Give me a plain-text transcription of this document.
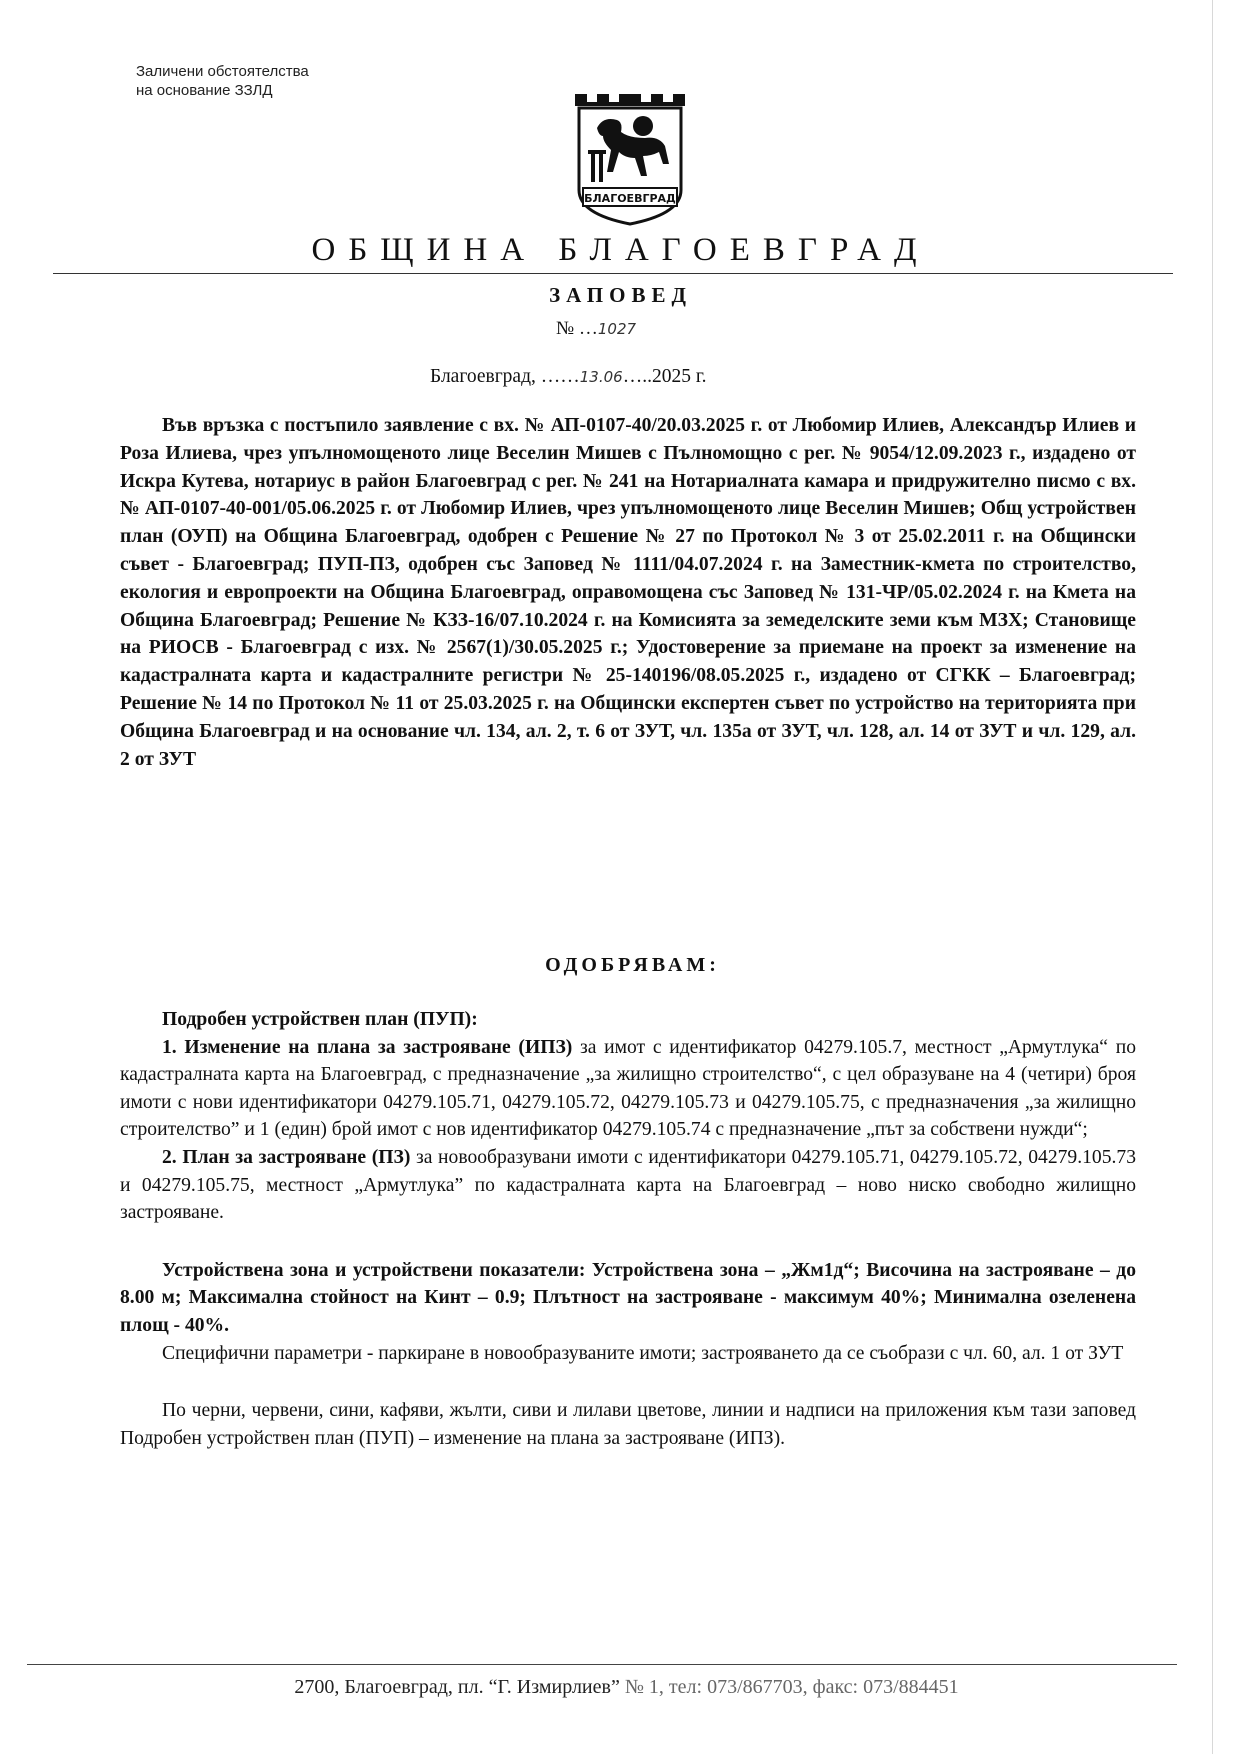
Заличени обстоятелства
на основание ЗЗЛД
БЛАГОЕВГРАД
ОБЩИНА БЛАГОЕВГРАД
ЗАПОВЕД
№ …1027
Благоевград, ……13.06…..2025 г.

Във връзка с постъпило заявление с вх. № АП-0107-40/20.03.2025 г. от Любомир Илиев, Александър Илиев и Роза Илиева, чрез упълномощеното лице Веселин Мишев с Пълномощно с рег. № 9054/12.09.2023 г., издадено от Искра Кутева, нотариус в район Благоевград с рег. № 241 на Нотариалната камара и придружително писмо с вх. № АП-0107-40-001/05.06.2025 г. от Любомир Илиев, чрез упълномощеното лице Веселин Мишев; Общ устройствен план (ОУП) на Община Благоевград, одобрен с Решение № 27 по Протокол № 3 от 25.02.2011 г. на Общински съвет - Благоевград; ПУП-ПЗ, одобрен със Заповед № 1111/04.07.2024 г. на Заместник-кмета по строителство, екология и европроекти на Община Благоевград, оправомощена със Заповед № 131-ЧР/05.02.2024 г. на Кмета на Община Благоевград; Решение № КЗЗ-16/07.10.2024 г. на Комисията за земеделските земи към МЗХ; Становище на РИОСВ - Благоевград с изх. № 2567(1)/30.05.2025 г.; Удостоверение за приемане на проект за изменение на кадастралната карта и кадастралните регистри № 25-140196/08.05.2025 г., издадено от СГКК – Благоевград; Решение № 14 по Протокол № 11 от 25.03.2025 г. на Общински експертен съвет по устройство на територията при Община Благоевград и на основание чл. 134, ал. 2, т. 6 от ЗУТ, чл. 135а от ЗУТ, чл. 128, ал. 14 от ЗУТ и чл. 129, ал. 2 от ЗУТ

ОДОБРЯВАМ:

Подробен устройствен план (ПУП):

1. Изменение на плана за застрояване (ИПЗ) за имот с идентификатор 04279.105.7, местност „Армутлука“ по кадастралната карта на Благоевград, с предназначение „за жилищно строителство“, с цел образуване на 4 (четири) броя имоти с нови идентификатори 04279.105.71, 04279.105.72, 04279.105.73 и 04279.105.75, с предназначения „за жилищно строителство” и 1 (един) брой имот с нов идентификатор 04279.105.74 с предназначение „път за собствени нужди“;

2. План за застрояване (ПЗ) за новообразувани имоти с идентификатори 04279.105.71, 04279.105.72, 04279.105.73 и 04279.105.75, местност „Армутлука” по кадастралната карта на Благоевград – ново ниско свободно жилищно застрояване.

Устройствена зона и устройствени показатели: Устройствена зона – „Жм1д“; Височина на застрояване – до 8.00 м; Максимална стойност на Кинт – 0.9; Плътност на застрояване - максимум 40%; Минимална озеленена площ - 40%.

Специфични параметри - паркиране в новообразуваните имоти; застрояването да се съобрази с чл. 60, ал. 1 от ЗУТ

По черни, червени, сини, кафяви, жълти, сиви и лилави цветове, линии и надписи на приложения към тази заповед Подробен устройствен план (ПУП) – изменение на плана за застрояване (ИПЗ).

2700, Благоевград, пл. “Г. Измирлиев” № 1, тел: 073/867703, факс: 073/884451
